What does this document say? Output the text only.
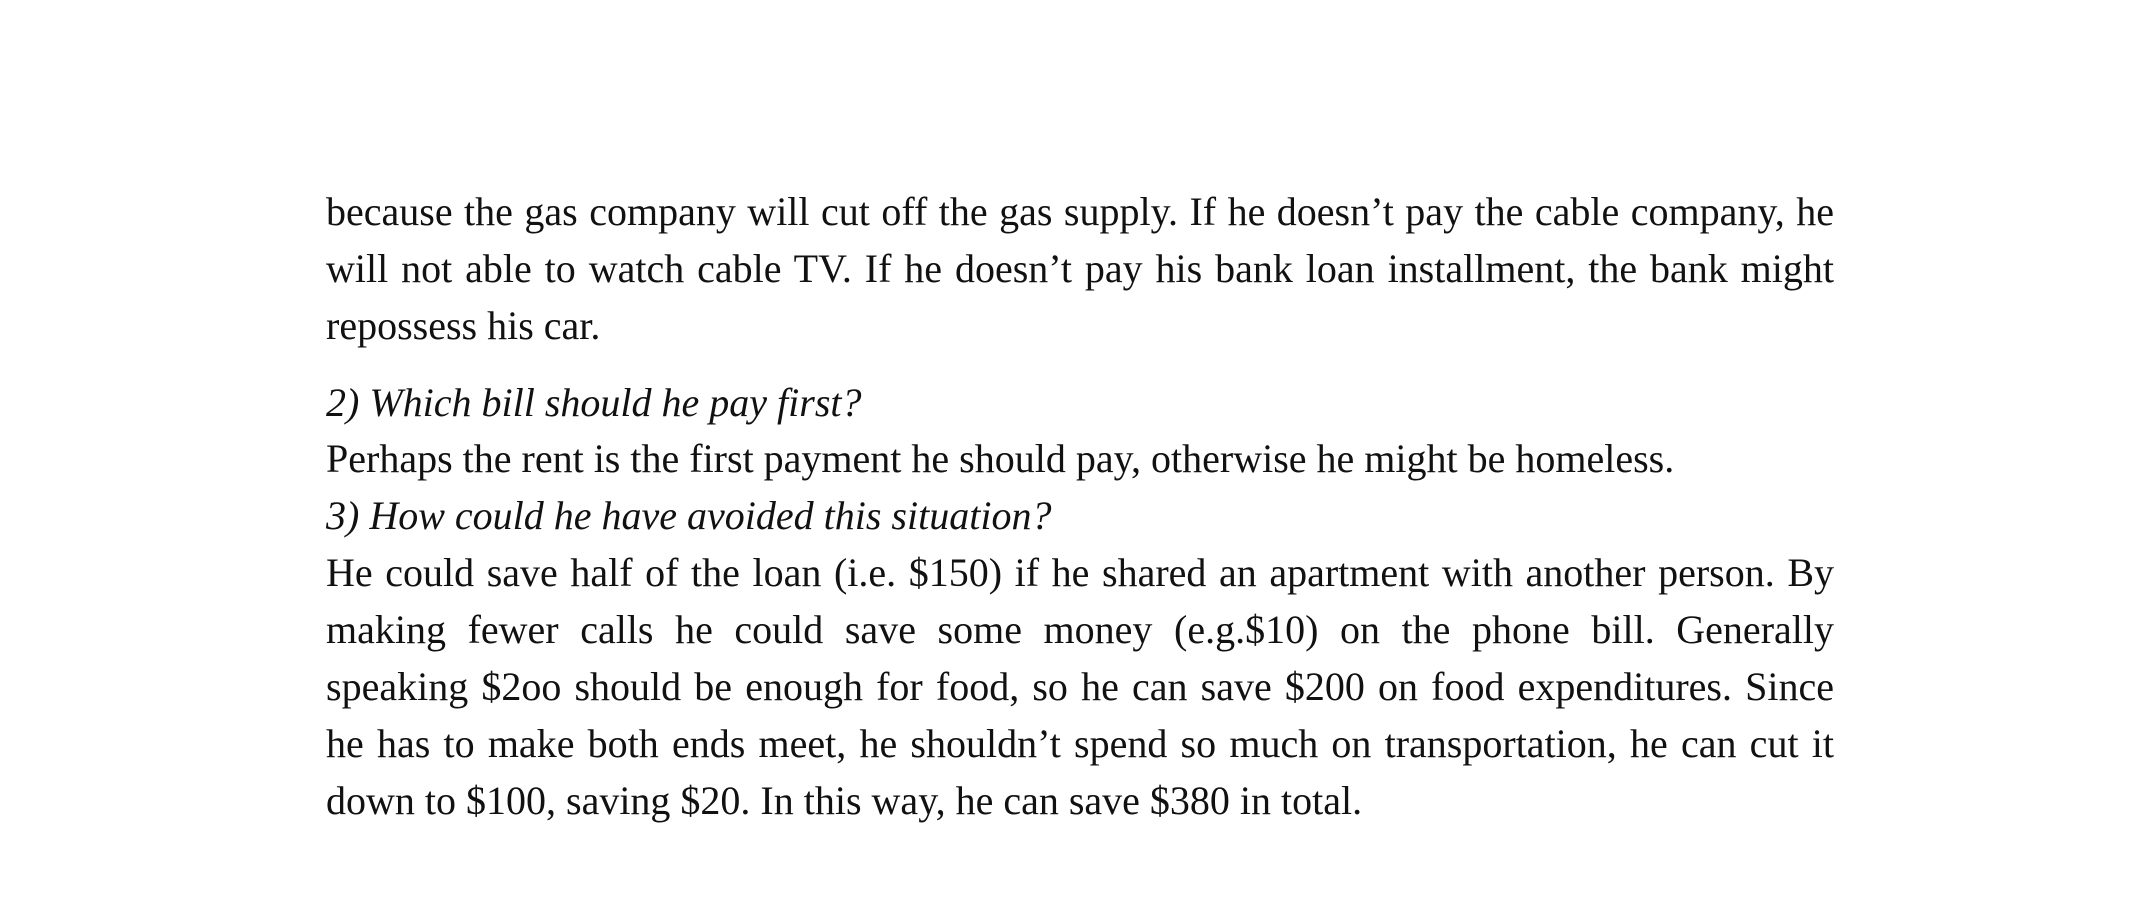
because the gas company will cut off the gas supply. If he doesn’t pay the cable company, he will not able to watch cable TV. If he doesn’t pay his bank loan installment, the bank might repossess his car.

2) Which bill should he pay first?

Perhaps the rent is the first payment he should pay, otherwise he might be homeless.

3) How could he have avoided this situation?

He could save half of the loan (i.e. $150) if he shared an apartment with another person. By making fewer calls he could save some money (e.g.$10) on the phone bill. Generally speaking $2oo should be enough for food, so he can save $200 on food expenditures. Since he has to make both ends meet, he shouldn’t spend so much on transportation, he can cut it down to $100, saving $20. In this way, he can save $380 in total.
